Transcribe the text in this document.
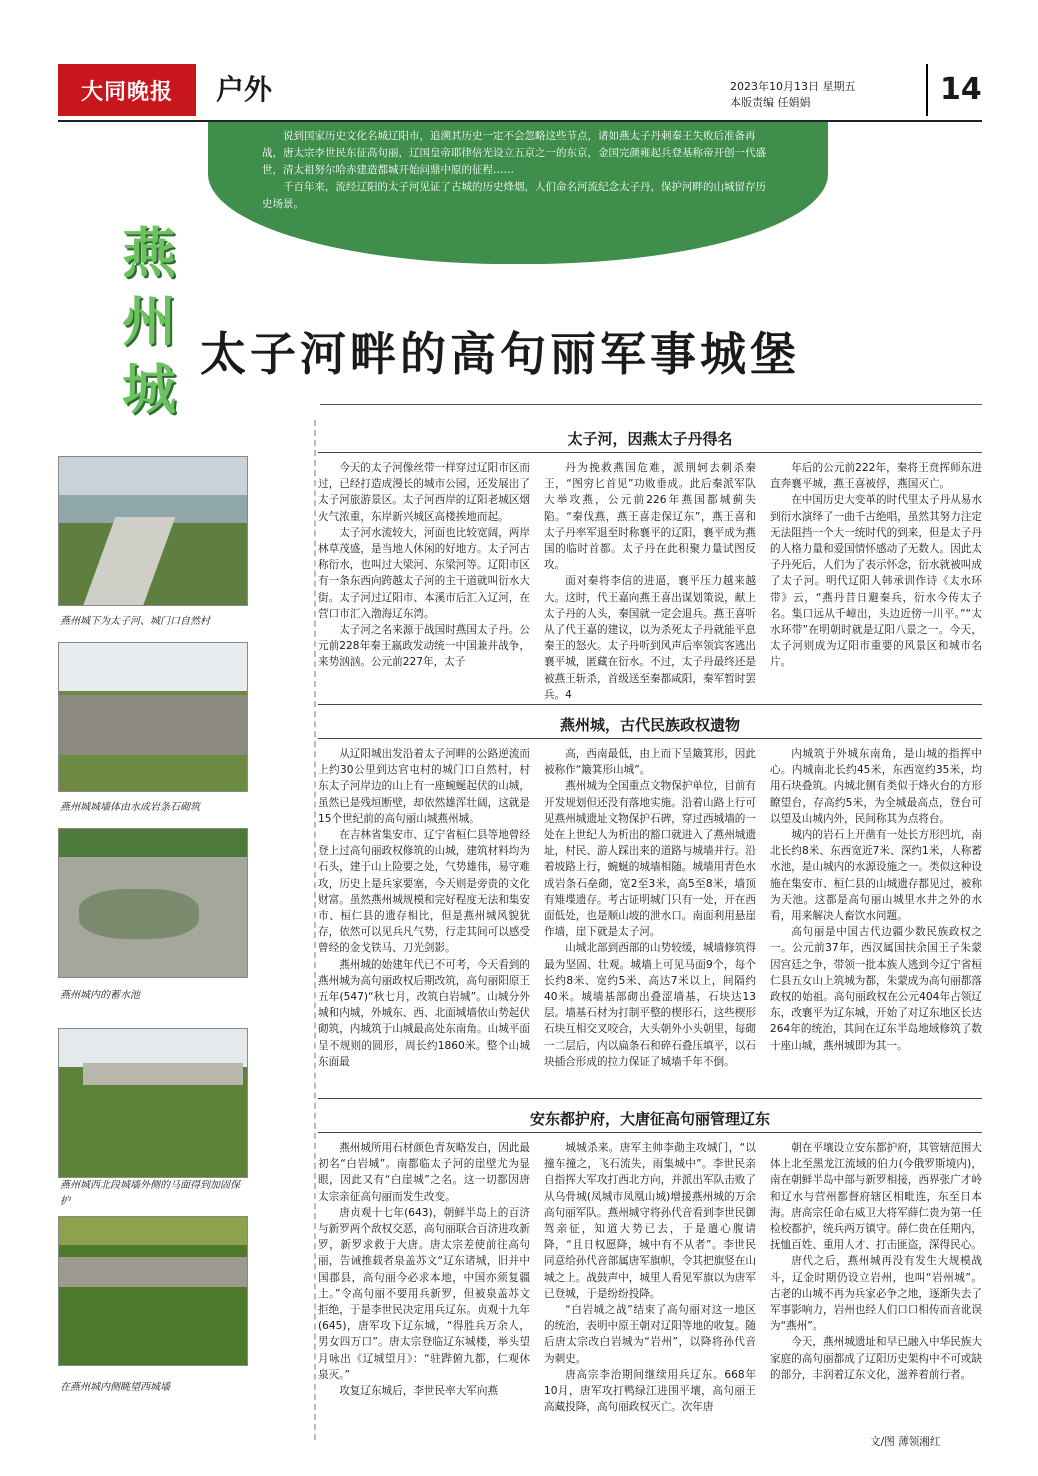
大同晚报	户外	2023年10月13日 星期五
本版责编 任娟娟	14

说到国家历史文化名城辽阳市，追溯其历史一定不会忽略这些节点，诸如燕太子丹刺秦王失败后准备再战，唐太宗李世民东征高句丽，辽国皇帝耶律倍光设立五京之一的东京，金国完颜雍起兵登基称帝开创一代盛世，清太祖努尔哈赤建造都城开始问鼎中原的征程……

千百年来，流经辽阳的太子河见证了古城的历史烽烟，人们命名河流纪念太子丹，保护河畔的山城留存历史场景。

燕
州
城
太子河畔的高句丽军事城堡
燕州城下为太子河、城门口自然村
燕州城城墙体由水成岩条石砌筑
燕州城内的蓄水池
燕州城西北段城墙外侧的马面得到加固保护
在燕州城内侧眺望西城墙
太子河，因燕太子丹得名

今天的太子河像丝带一样穿过辽阳市区而过，已经打造成漫长的城市公园，还发展出了太子河旅游景区。太子河西岸的辽阳老城区烟火气浓重，东岸新兴城区高楼挨地而起。

太子河水流较大，河面也比较宽阔，两岸林草茂盛，是当地人休闲的好地方。太子河古称衍水，也叫过大梁河、东梁河等。辽阳市区有一条东西向跨越太子河的主干道就叫衍水大街。太子河过辽阳市、本溪市后汇入辽河，在营口市汇入渤海辽东湾。

太子河之名来源于战国时燕国太子丹。公元前228年秦王嬴政发动统一中国兼并战争，来势汹汹。公元前227年，太子

丹为挽救燕国危难，派荆轲去刺杀秦王，“图穷匕首见”功败垂成。此后秦派军队大举攻燕，公元前226年燕国都城蓟失陷。“秦伐燕，燕王喜走保辽东”，燕王喜和太子丹率军退至时称襄平的辽阳，襄平成为燕国的临时首都。太子丹在此积聚力量试图反攻。

面对秦将李信的进逼，襄平压力越来越大。这时，代王嘉向燕王喜出谋划策说，献上太子丹的人头，秦国就一定会退兵。燕王喜听从了代王嘉的建议，以为杀死太子丹就能平息秦王的怒火。太子丹听到风声后率领宾客逃出襄平城，匿藏在衍水。不过，太子丹最终还是被燕王斩杀，首级送至秦都咸阳，秦军暂时罢兵。4

年后的公元前222年，秦将王贲挥师东进直奔襄平城，燕王喜被俘，燕国灭亡。

在中国历史大变革的时代里太子丹从易水到衍水演绎了一曲千古绝唱，虽然其努力注定无法阻挡一个大一统时代的到来，但是太子丹的人格力量和爱国情怀感动了无数人。因此太子丹死后，人们为了表示怀念，衍水就被叫成了太子河。明代辽阳人韩承训作诗《太水环带》云，“燕丹昔日避秦兵，衍水今传太子名。集口远从千嶂出，头边近傍一川平。”“太水环带”在明朝时就是辽阳八景之一。今天，太子河则成为辽阳市重要的风景区和城市名片。

燕州城，古代民族政权遗物

从辽阳城出发沿着太子河畔的公路逆流而上约30公里到达官屯村的城门口自然村，村东太子河岸边的山上有一座蜿蜒起伏的山城，虽然已是残垣断壁，却依然雄浑壮阔，这就是15个世纪前的高句丽山城燕州城。

在吉林省集安市、辽宁省桓仁县等地曾经登上过高句丽政权修筑的山城，建筑材料均为石头，建于山上险要之处，气势雄伟，易守难攻，历史上是兵家要塞，今天则是旁贵的文化财富。虽然燕州城规模和完好程度无法和集安市、桓仁县的遗存相比，但是燕州城风貌犹存，依然可以见兵凡气势，行走其间可以感受曾经的金戈铁马、刀光剑影。

燕州城的始建年代已不可考，今天看到的燕州城为高句丽政权后期改筑，高句丽阳原王五年(547)“秋七月，改筑白岩城”。山城分外城和内城，外城东、西、北面城墙依山势起伏砌筑，内城筑于山城最高处东南角。山城平面呈不规则的圆形，周长约1860米。整个山城东面最

高，西南最低，由上而下呈簸箕形，因此被称作“簸箕形山城”。

燕州城为全国重点文物保护单位，目前有开发规划但还没有落地实施。沿着山路上行可见燕州城遗址文物保护石碑，穿过西城墙的一处在上世纪人为析出的豁口就进入了燕州城遗址，村民、游人踩出来的道路与城墙并行。沿着坡路上行，蜿蜒的城墙相随。城墙用青色水成岩条石垒砌，宽2至3米，高5至8米，墙顶有雉堞遗存。考古证明城门只有一处，开在西面低处，也是顺山坡的泄水口。南面利用悬崖作墙，崖下就是太子河。

山城北部到西部的山势较缓，城墙修筑得最为坚固、壮观。城墙上可见马面9个，每个长约8米、宽约5米、高达7米以上，间隔约40米。城墙基部砌出叠涩墙基，石块达13层。墙基石材为打制平整的楔形石，这些楔形石块互相交叉咬合，大头朝外小头朝里，每砌一二层后，内以扁条石和碎石叠压填平，以石块插合形成的拉力保证了城墙千年不倒。

内城筑于外城东南角，是山城的指挥中心。内城南北长约45米，东西宽约35米，均用石块叠筑。内城北侧有类似于烽火台的方形瞭望台，存高约5米，为全城最高点，登台可以望及山城内外，民间称其为点将台。

城内的岩石上开凿有一处长方形凹坑，南北长约8米、东西宽近7米、深约1米，人称蓄水池，是山城内的水源设施之一。类似这种设施在集安市、桓仁县的山城遗存都见过，被称为天池。这都是高句丽山城里水井之外的水看，用来解决人畜饮水问题。

高句丽是中国古代边疆少数民族政权之一。公元前37年，西汉属国扶余国王子朱蒙因宫廷之争，带领一批本族人逃到今辽宁省桓仁县五女山上筑城为都，朱蒙成为高句丽都落政权的始祖。高句丽政权在公元404年占领辽东，改襄平为辽东城，开始了对辽东地区长达264年的统治，其间在辽东半岛地域修筑了数十座山城，燕州城即为其一。

安东都护府，大唐征高句丽管理辽东

燕州城所用石材颜色青灰略发白，因此最初名“白岩城”。南都临太子河的崖壁尤为显眼，因此又有“白崖城”之名。这一切都因唐太宗亲征高句丽而发生改变。

唐贞观十七年(643)，朝鲜半岛上的百济与新罗两个敌权交恶，高句丽联合百济进攻新罗，新罗求救于大唐。唐太宗差使前往高句丽，告诫推载者泉盖苏文“辽东诸城，旧并中国郡县，高句丽今必求本地，中国亦须复疆土。”令高句丽不要用兵新罗，但被泉盖苏文拒绝，于是李世民决定用兵辽东。贞观十九年(645)，唐军攻下辽东城，“得胜兵万余人，男女四万口”。唐太宗登临辽东城楼，举头望月咏出《辽城望月》：“驻跸俯九都，仁观休泉灭。”

攻复辽东城后，李世民率大军向燕

城城杀来。唐军主帅李勣主攻城门，“以撞车撞之，飞石流失，雨集城中”。李世民亲自指挥大军攻打西北方向，并派出军队击败了从乌骨城(凤城市凤凰山城)增援燕州城的万余高句丽军队。燕州城守将孙代音看到李世民御驾亲征，知道大势已去，于是遣心腹请降，“且日权愿降，城中有不从者”。李世民同意给孙代音部属唐军旗帜，令其把旗竖在山城之上。战鼓声中，城里人看见军旗以为唐军已登城，于是纷纷投降。

“白岩城之战”结束了高句丽对这一地区的统治，表明中原王朝对辽阳等地的收复。随后唐太宗改白岩城为“岩州”，以降将孙代音为刺史。

唐高宗李治期间继续用兵辽东。668年10月，唐军攻打鸭绿江进围平壤，高句丽王高藏投降，高句丽政权灭亡。次年唐

朝在平壤设立安东都护府，其管辖范围大体上北至黑龙江流域的伯力(今俄罗斯境内)，南在朝鲜半岛中部与新罗相接，西界张广才岭和辽水与营州都督府辖区相毗连，东至日本海。唐高宗任命右威卫大将军薛仁贵为第一任检校都护，统兵两万镇守。薛仁贵在任期内，抚恤百姓、重用人才、打击匪盗，深得民心。

唐代之后，燕州城再没有发生大规模战斗，辽金时期仍设立岩州，也叫“岩州城”。古老的山城不再为兵家必争之地，逐渐失去了军事影响力，岩州也经人们口口相传而音讹误为“燕州”。

今天，燕州城遗址和早已融入中华民族大家庭的高句丽都成了辽阳历史架构中不可或缺的部分，丰润着辽东文化，滋养着前行者。

文/图 薄领湘红
